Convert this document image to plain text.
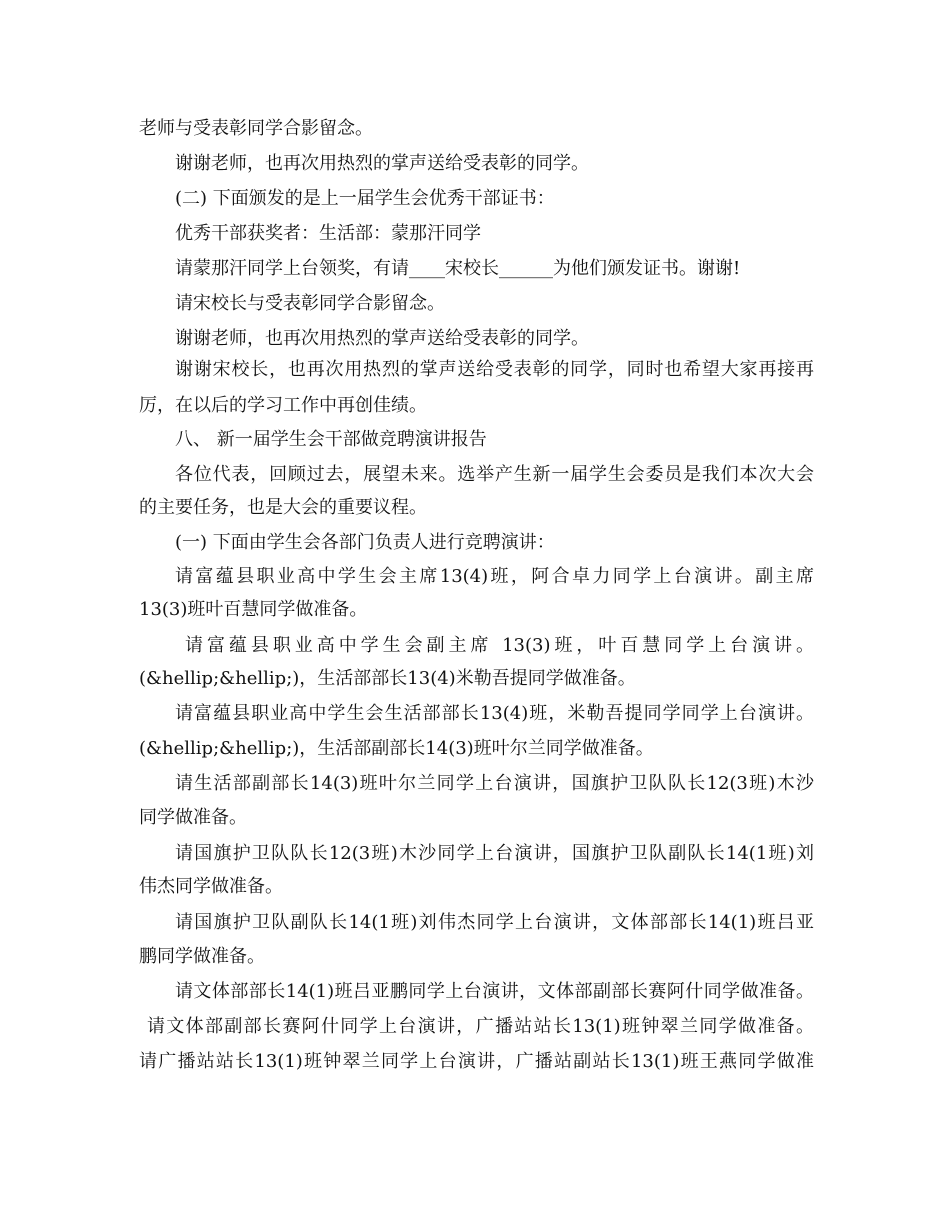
老师与受表彰同学合影留念。
谢谢老师，也再次用热烈的掌声送给受表彰的同学。
(二) 下面颁发的是上一届学生会优秀干部证书：
优秀干部获奖者：生活部：蒙那汗同学
请蒙那汗同学上台领奖，有请____宋校长______为他们颁发证书。谢谢!
请宋校长与受表彰同学合影留念。
谢谢老师，也再次用热烈的掌声送给受表彰的同学。
谢谢宋校长，也再次用热烈的掌声送给受表彰的同学，同时也希望大家再接再
厉，在以后的学习工作中再创佳绩。
八、 新一届学生会干部做竞聘演讲报告
各位代表，回顾过去，展望未来。选举产生新一届学生会委员是我们本次大会
的主要任务，也是大会的重要议程。
(一) 下面由学生会各部门负责人进行竞聘演讲：
请富蕴县职业高中学生会主席13(4)班，阿合卓力同学上台演讲。副主席
13(3)班叶百慧同学做准备。
请富蕴县职业高中学生会副主席 13(3)班，叶百慧同学上台演讲。
(&hellip;&hellip;)，生活部部长13(4)米勒吾提同学做准备。
请富蕴县职业高中学生会生活部部长13(4)班，米勒吾提同学同学上台演讲。
(&hellip;&hellip;)，生活部副部长14(3)班叶尔兰同学做准备。
请生活部副部长14(3)班叶尔兰同学上台演讲，国旗护卫队队长12(3班)木沙
同学做准备。
请国旗护卫队队长12(3班)木沙同学上台演讲，国旗护卫队副队长14(1班)刘
伟杰同学做准备。
请国旗护卫队副队长14(1班)刘伟杰同学上台演讲，文体部部长14(1)班吕亚
鹏同学做准备。
请文体部部长14(1)班吕亚鹏同学上台演讲，文体部副部长赛阿什同学做准备。
请文体部副部长赛阿什同学上台演讲，广播站站长13(1)班钟翠兰同学做准备。
请广播站站长13(1)班钟翠兰同学上台演讲，广播站副站长13(1)班王燕同学做准
